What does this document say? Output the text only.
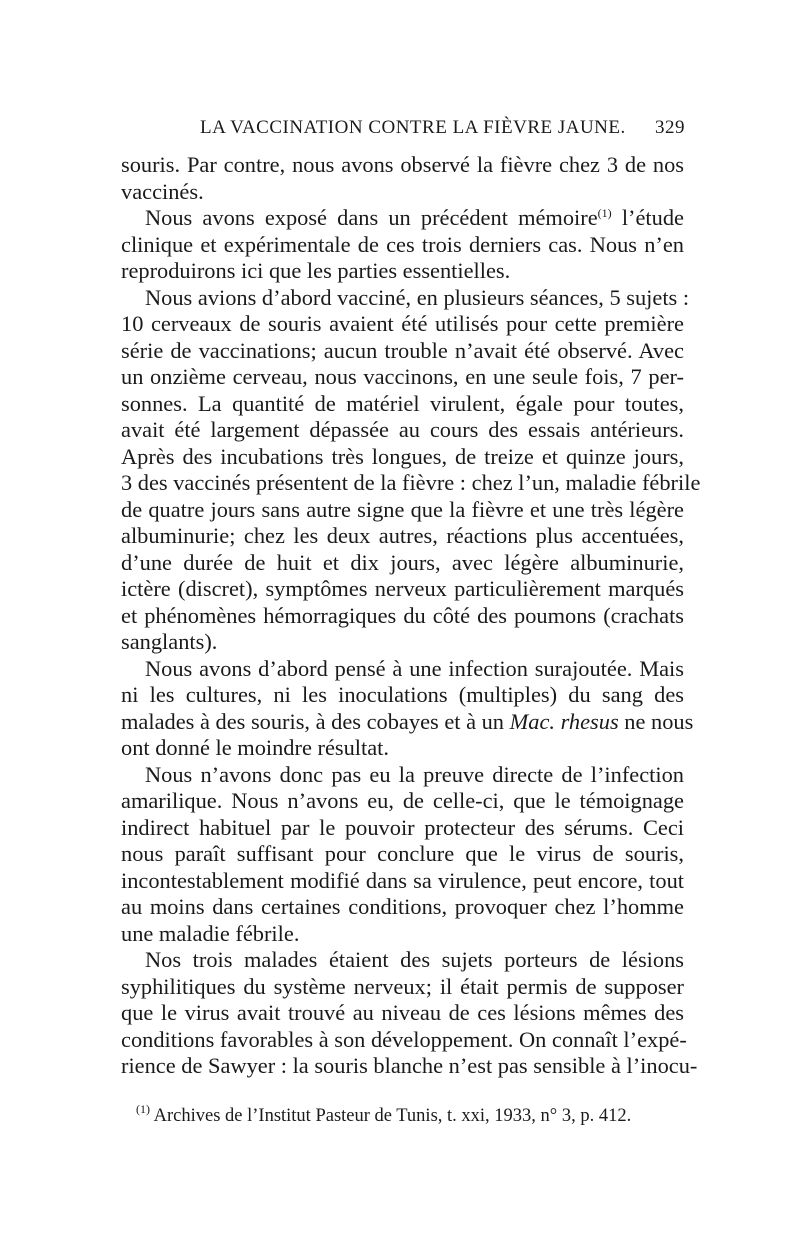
LA VACCINATION CONTRE LA FIÈVRE JAUNE. 329
souris. Par contre, nous avons observé la fièvre chez 3 de nos
vaccinés.
Nous avons exposé dans un précédent mémoire$^{(1)}$ l’étude
clinique et expérimentale de ces trois derniers cas. Nous n’en
reproduirons ici que les parties essentielles.
Nous avions d’abord vacciné, en plusieurs séances, 5 sujets :
10 cerveaux de souris avaient été utilisés pour cette première
série de vaccinations; aucun trouble n’avait été observé. Avec
un onzième cerveau, nous vaccinons, en une seule fois, 7 per-
sonnes. La quantité de matériel virulent, égale pour toutes,
avait été largement dépassée au cours des essais antérieurs.
Après des incubations très longues, de treize et quinze jours,
3 des vaccinés présentent de la fièvre : chez l’un, maladie fébrile
de quatre jours sans autre signe que la fièvre et une très légère
albuminurie; chez les deux autres, réactions plus accentuées,
d’une durée de huit et dix jours, avec légère albuminurie,
ictère (discret), symptômes nerveux particulièrement marqués
et phénomènes hémorragiques du côté des poumons (crachats
sanglants).
Nous avons d’abord pensé à une infection surajoutée. Mais
ni les cultures, ni les inoculations (multiples) du sang des
malades à des souris, à des cobayes et à un Mac. rhesus ne nous
ont donné le moindre résultat.
Nous n’avons donc pas eu la preuve directe de l’infection
amarilique. Nous n’avons eu, de celle-ci, que le témoignage
indirect habituel par le pouvoir protecteur des sérums. Ceci
nous paraît suffisant pour conclure que le virus de souris,
incontestablement modifié dans sa virulence, peut encore, tout
au moins dans certaines conditions, provoquer chez l’homme
une maladie fébrile.
Nos trois malades étaient des sujets porteurs de lésions
syphilitiques du système nerveux; il était permis de supposer
que le virus avait trouvé au niveau de ces lésions mêmes des
conditions favorables à son développement. On connaît l’expé-
rience de Sawyer : la souris blanche n’est pas sensible à l’inocu-
$^{(1)}$ Archives de l’Institut Pasteur de Tunis, t. xxi, 1933, n° 3, p. 412.
